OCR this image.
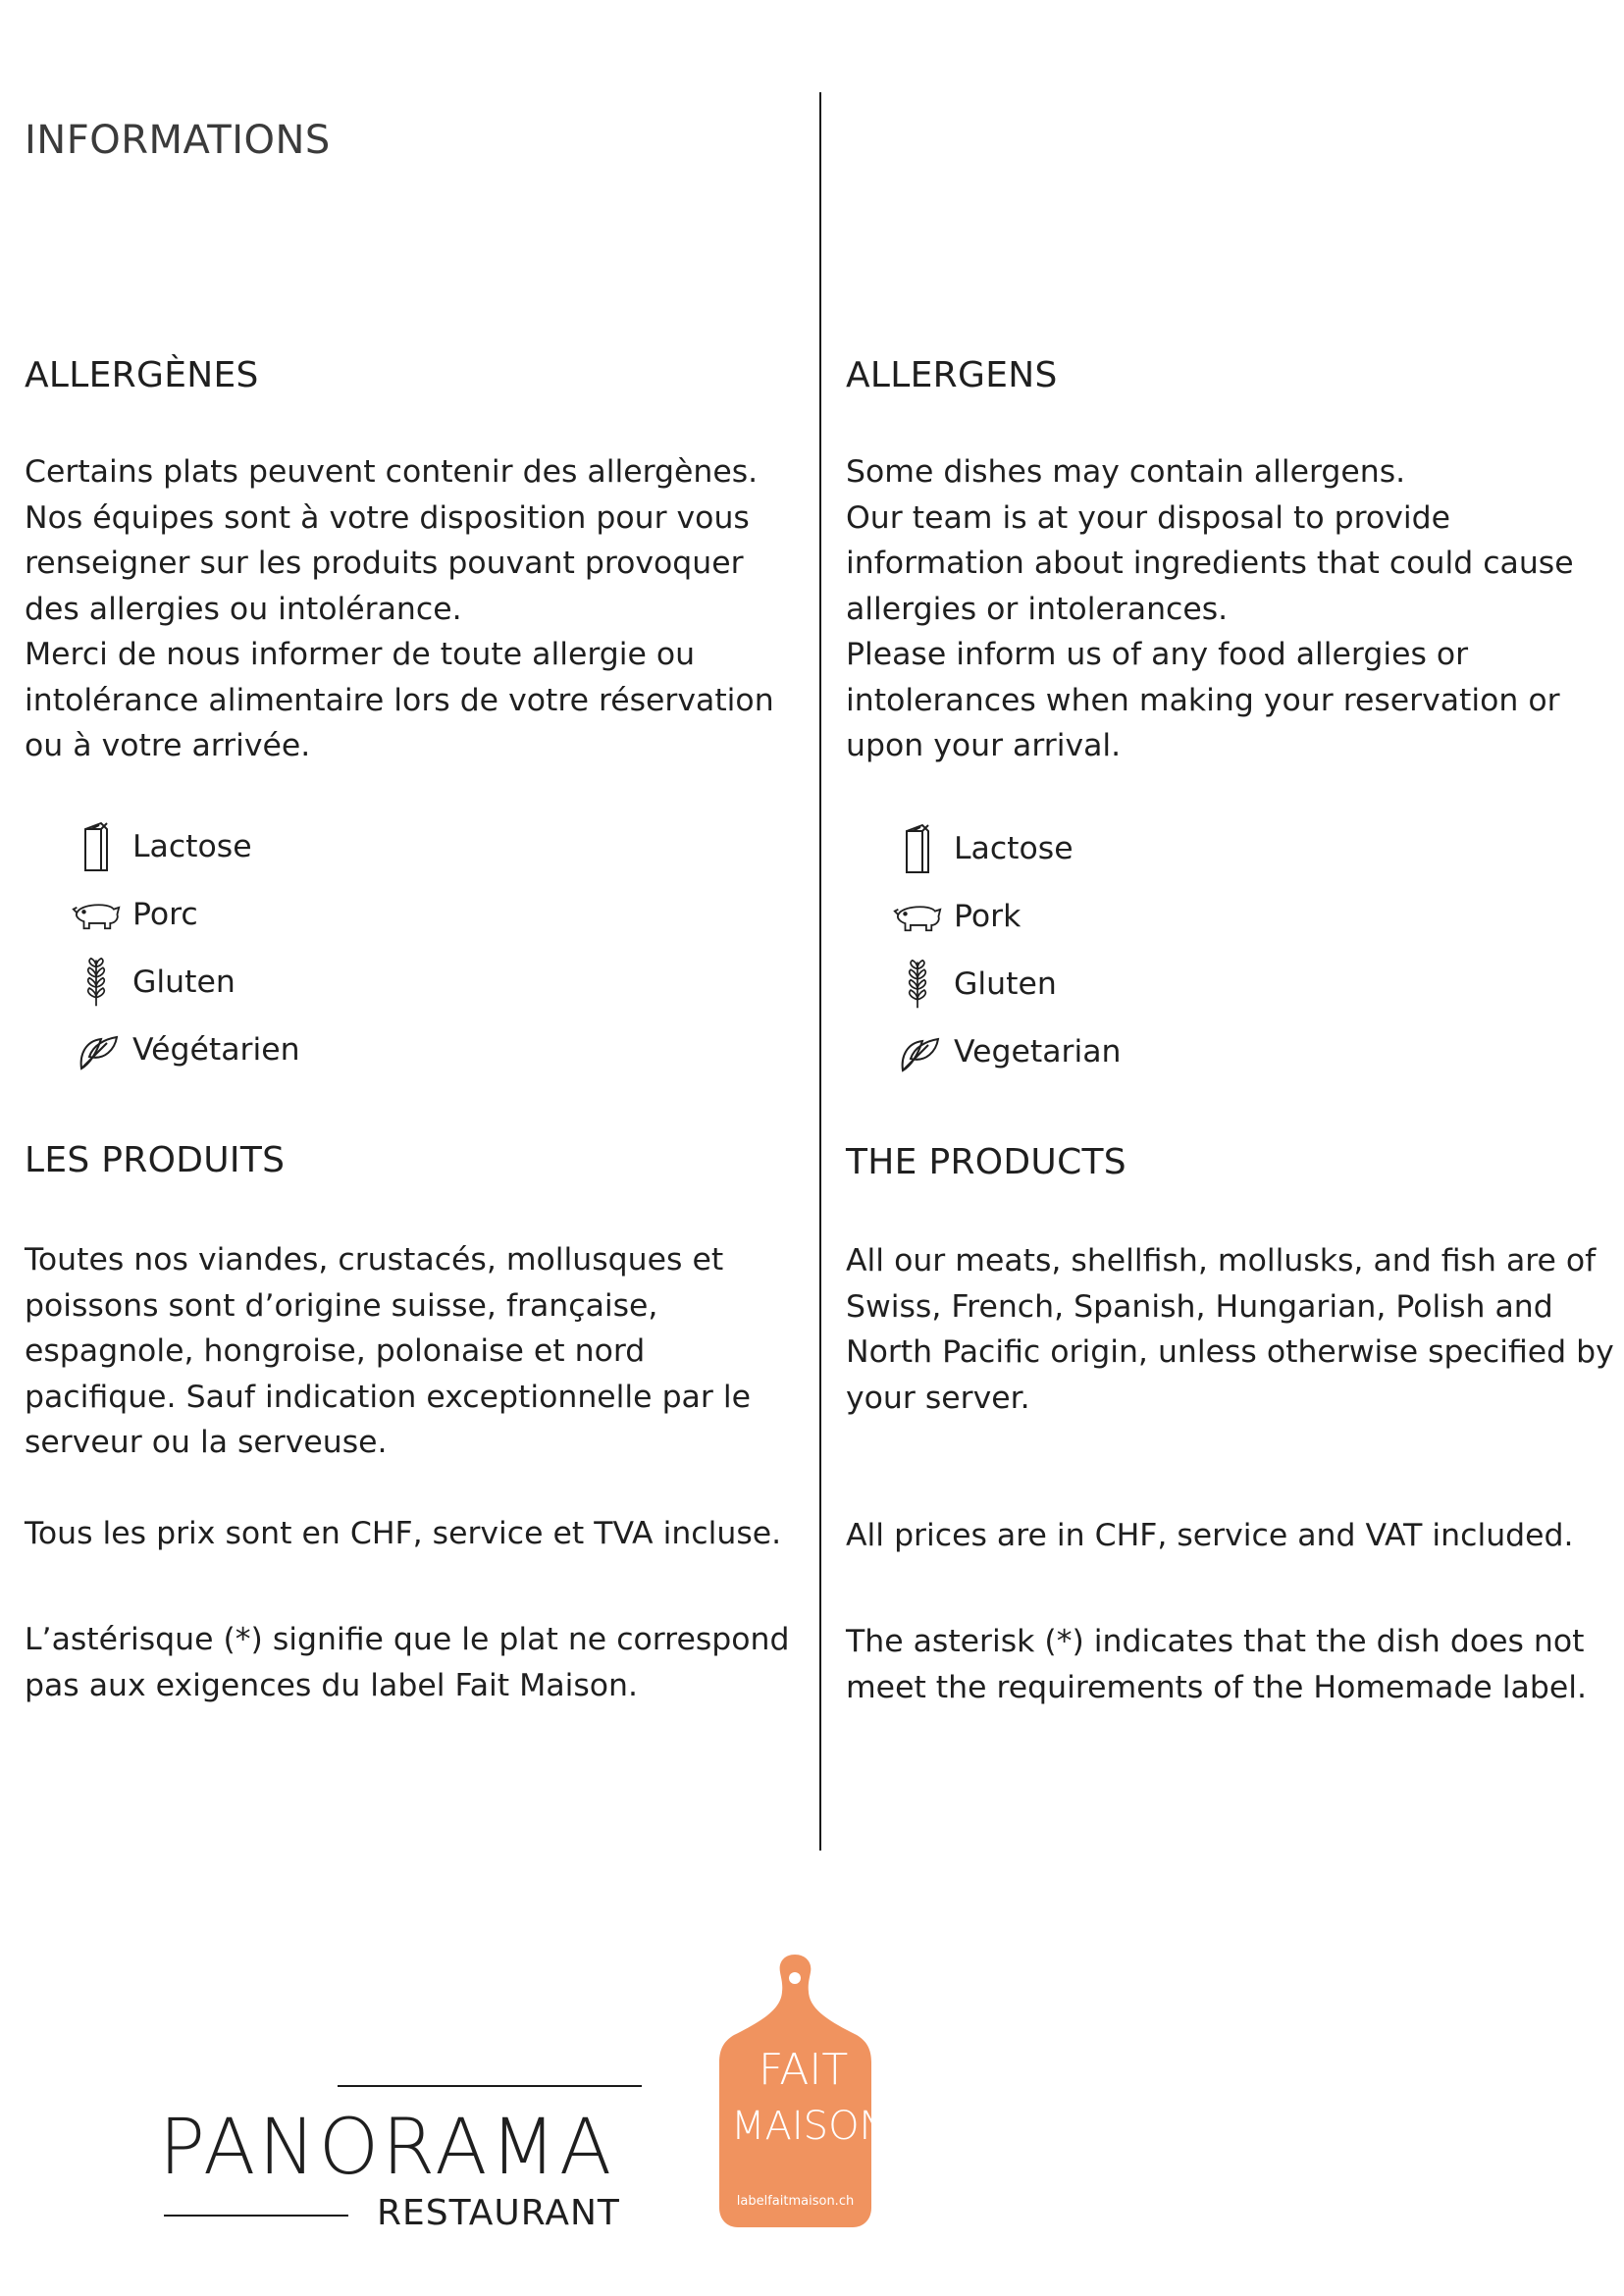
INFORMATIONS
ALLERGÈNES

Certains plats peuvent contenir des allergènes.
Nos équipes sont à votre disposition pour vous
renseigner sur les produits pouvant provoquer
des allergies ou intolérance.
Merci de nous informer de toute allergie ou
intolérance alimentaire lors de votre réservation
ou à votre arrivée.

Lactose
Porc
Gluten
Végétarien
LES PRODUITS

Toutes nos viandes, crustacés, mollusques et
poissons sont d’origine suisse, française,
espagnole, hongroise, polonaise et nord
pacifique. Sauf indication exceptionnelle par le
serveur ou la serveuse.

Tous les prix sont en CHF, service et TVA incluse.

L’astérisque (*) signifie que le plat ne correspond
pas aux exigences du label Fait Maison.

ALLERGENS

Some dishes may contain allergens.
Our team is at your disposal to provide
information about ingredients that could cause
allergies or intolerances.
Please inform us of any food allergies or
intolerances when making your reservation or
upon your arrival.

Lactose
Pork
Gluten
Vegetarian
THE PRODUCTS

All our meats, shellfish, mollusks, and fish are of
Swiss, French, Spanish, Hungarian, Polish and
North Pacific origin, unless otherwise specified by
your server.

All prices are in CHF, service and VAT included.

The asterisk (*) indicates that the dish does not
meet the requirements of the Homemade label.

PANORAMA
RESTAURANT
FAIT
MAISON
labelfaitmaison.ch
